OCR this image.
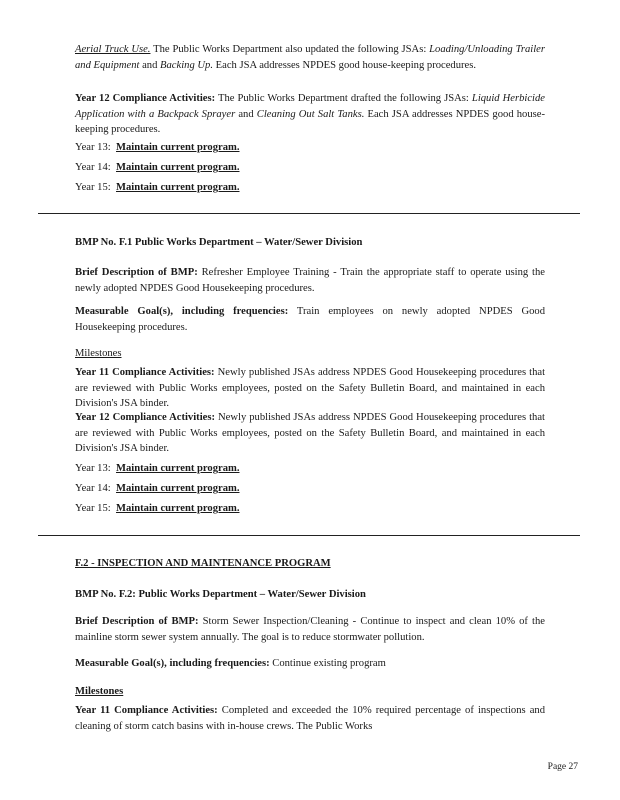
Aerial Truck Use. The Public Works Department also updated the following JSAs: Loading/Unloading Trailer and Equipment and Backing Up. Each JSA addresses NPDES good house-keeping procedures.

Year 12 Compliance Activities: The Public Works Department drafted the following JSAs: Liquid Herbicide Application with a Backpack Sprayer and Cleaning Out Salt Tanks. Each JSA addresses NPDES good house-keeping procedures.

Year 13: Maintain current program.

Year 14: Maintain current program.

Year 15: Maintain current program.

BMP No. F.1 Public Works Department – Water/Sewer Division

Brief Description of BMP: Refresher Employee Training - Train the appropriate staff to operate using the newly adopted NPDES Good Housekeeping procedures.

Measurable Goal(s), including frequencies: Train employees on newly adopted NPDES Good Housekeeping procedures.

Milestones

Year 11 Compliance Activities: Newly published JSAs address NPDES Good Housekeeping procedures that are reviewed with Public Works employees, posted on the Safety Bulletin Board, and maintained in each Division's JSA binder.

Year 12 Compliance Activities: Newly published JSAs address NPDES Good Housekeeping procedures that are reviewed with Public Works employees, posted on the Safety Bulletin Board, and maintained in each Division's JSA binder.

Year 13: Maintain current program.

Year 14: Maintain current program.

Year 15: Maintain current program.

F.2 - INSPECTION AND MAINTENANCE PROGRAM

BMP No. F.2: Public Works Department – Water/Sewer Division

Brief Description of BMP: Storm Sewer Inspection/Cleaning - Continue to inspect and clean 10% of the mainline storm sewer system annually. The goal is to reduce stormwater pollution.

Measurable Goal(s), including frequencies: Continue existing program

Milestones

Year 11 Compliance Activities: Completed and exceeded the 10% required percentage of inspections and cleaning of storm catch basins with in-house crews. The Public Works

Page 27
